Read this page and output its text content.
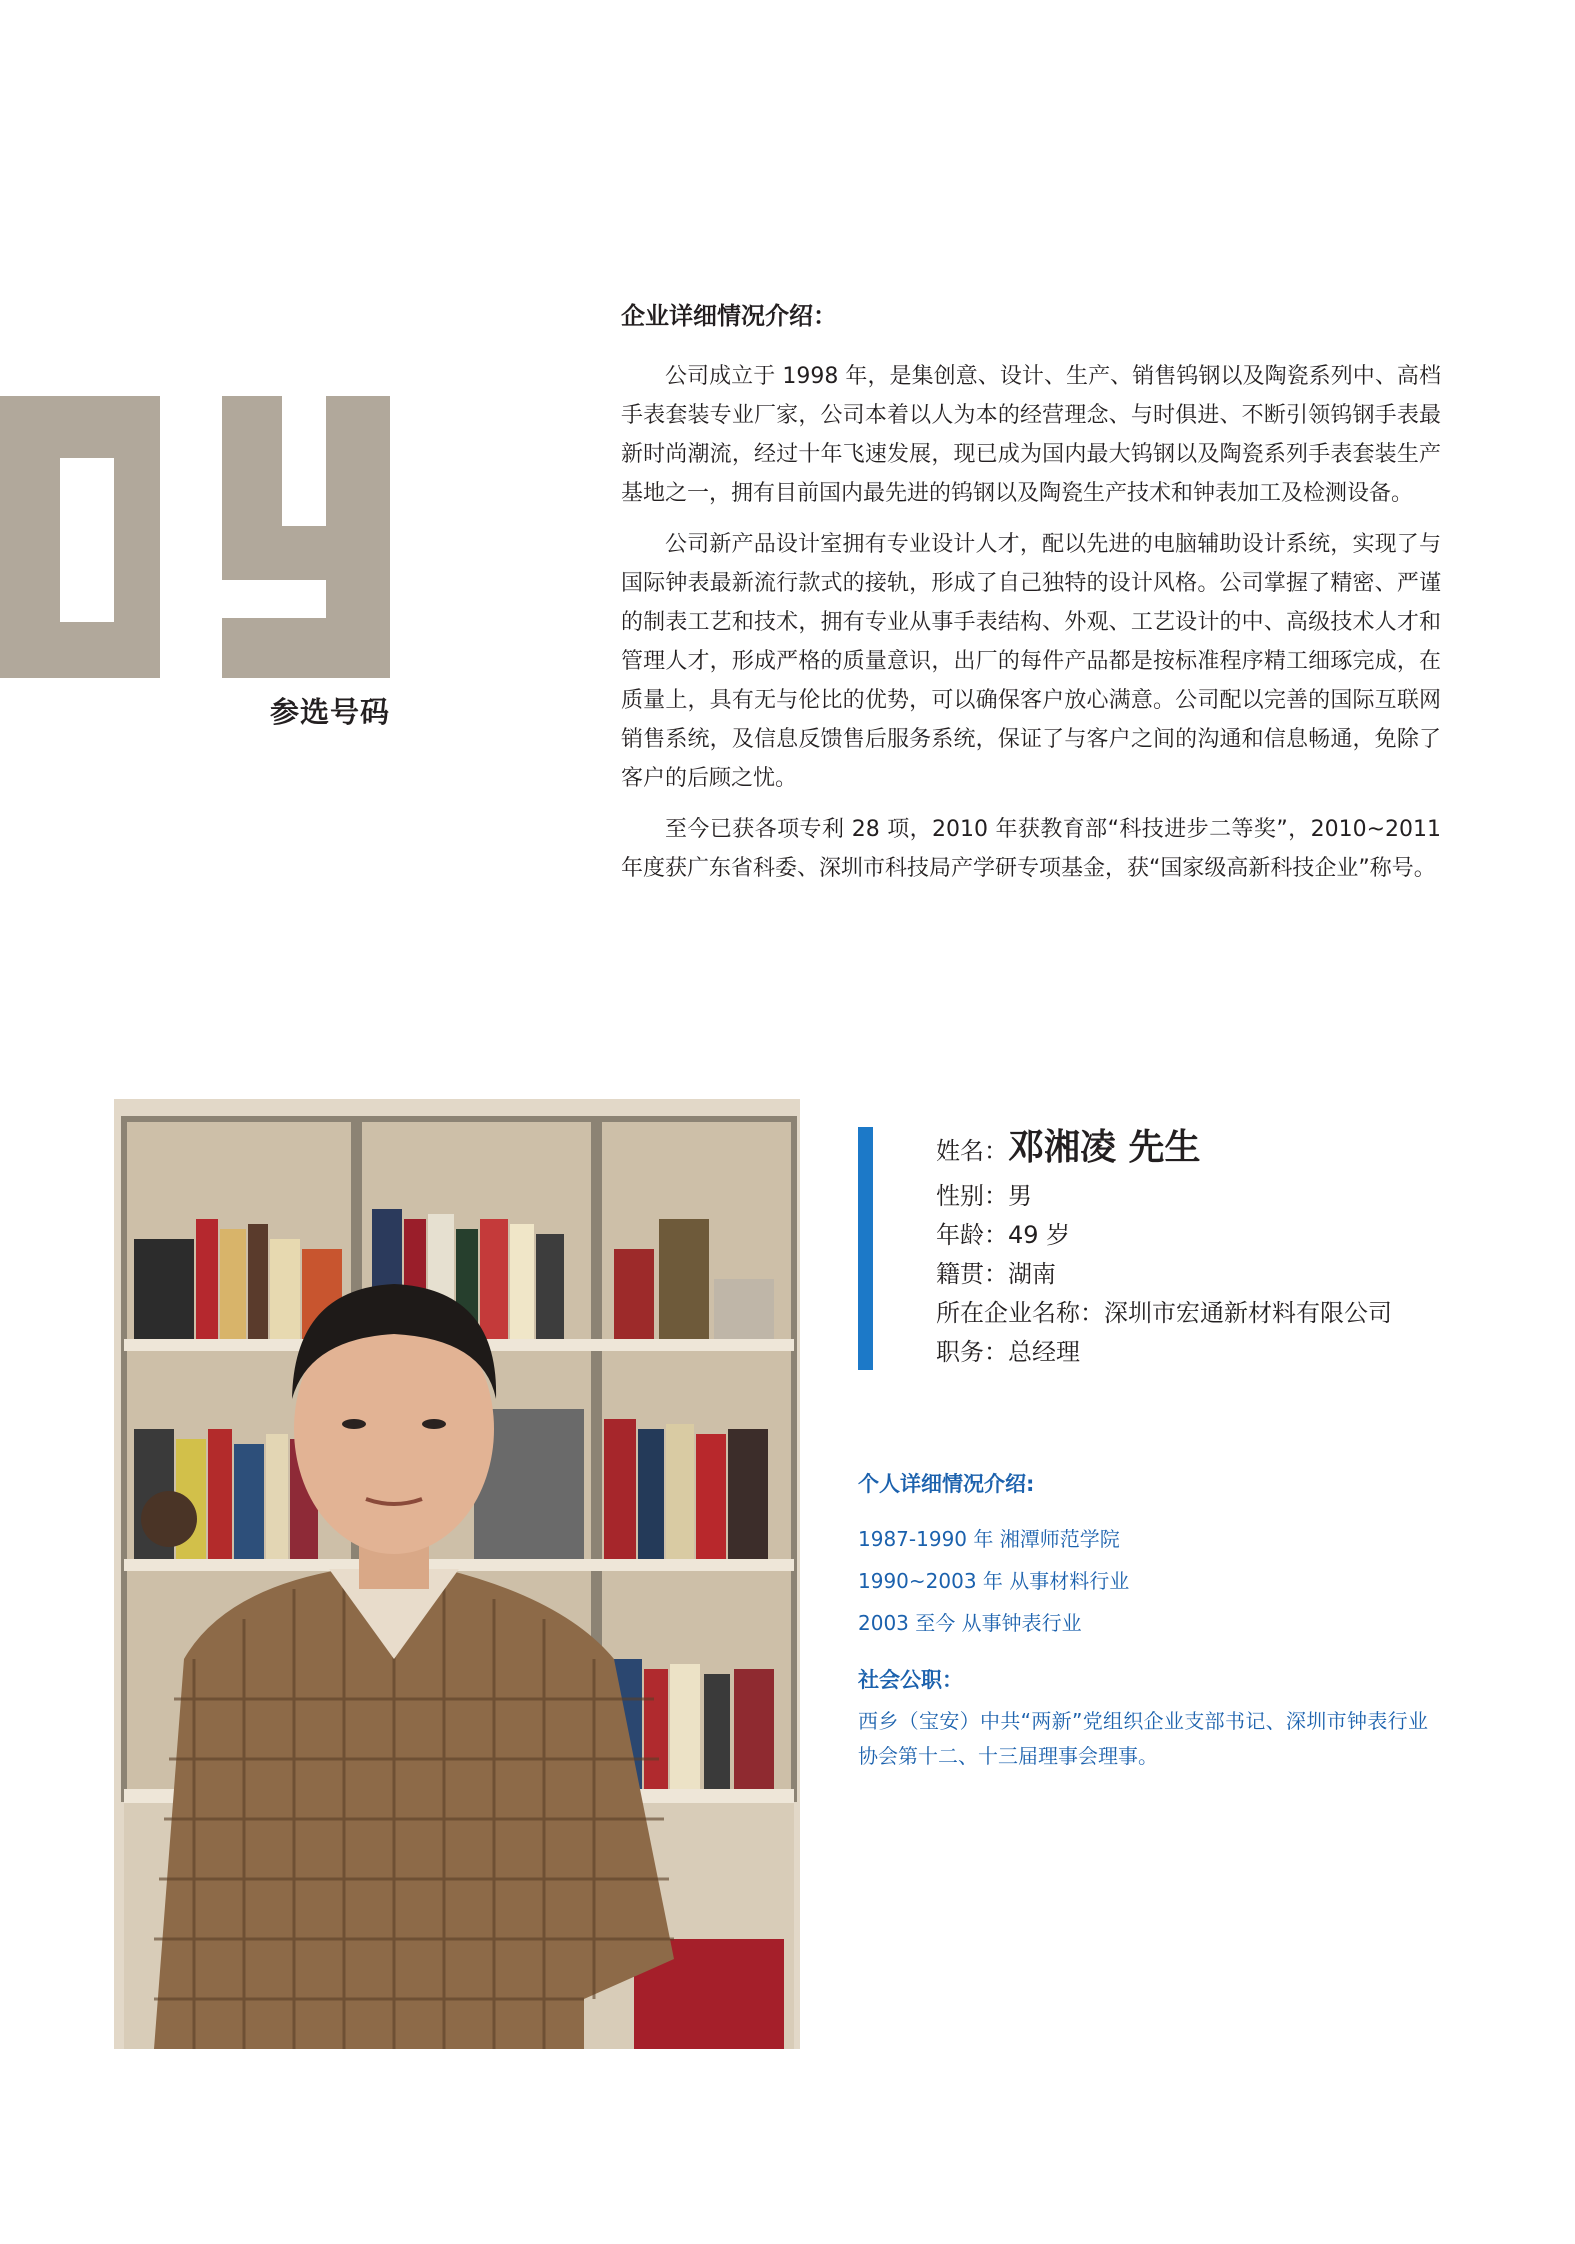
参选号码
企业详细情况介绍：

公司成立于 1998 年，是集创意、设计、生产、销售钨钢以及陶瓷系列中、高档手表套装专业厂家，公司本着以人为本的经营理念、与时俱进、不断引领钨钢手表最新时尚潮流，经过十年飞速发展，现已成为国内最大钨钢以及陶瓷系列手表套装生产基地之一，拥有目前国内最先进的钨钢以及陶瓷生产技术和钟表加工及检测设备。

公司新产品设计室拥有专业设计人才，配以先进的电脑辅助设计系统，实现了与国际钟表最新流行款式的接轨，形成了自己独特的设计风格。公司掌握了精密、严谨的制表工艺和技术，拥有专业从事手表结构、外观、工艺设计的中、高级技术人才和管理人才，形成严格的质量意识，出厂的每件产品都是按标准程序精工细琢完成，在质量上，具有无与伦比的优势，可以确保客户放心满意。公司配以完善的国际互联网销售系统，及信息反馈售后服务系统，保证了与客户之间的沟通和信息畅通，免除了客户的后顾之忧。

至今已获各项专利 28 项，2010 年获教育部“科技进步二等奖”，2010~2011 年度获广东省科委、深圳市科技局产学研专项基金，获“国家级高新科技企业”称号。

姓名：邓湘凌 先生
性别：男
年龄：49 岁
籍贯：湖南
所在企业名称：深圳市宏通新材料有限公司
职务：总经理
个人详细情况介绍:
1987-1990 年 湘潭师范学院
1990~2003 年 从事材料行业
2003 至今 从事钟表行业
社会公职：
西乡（宝安）中共“两新”党组织企业支部书记、深圳市钟表行业协会第十二、十三届理事会理事。
